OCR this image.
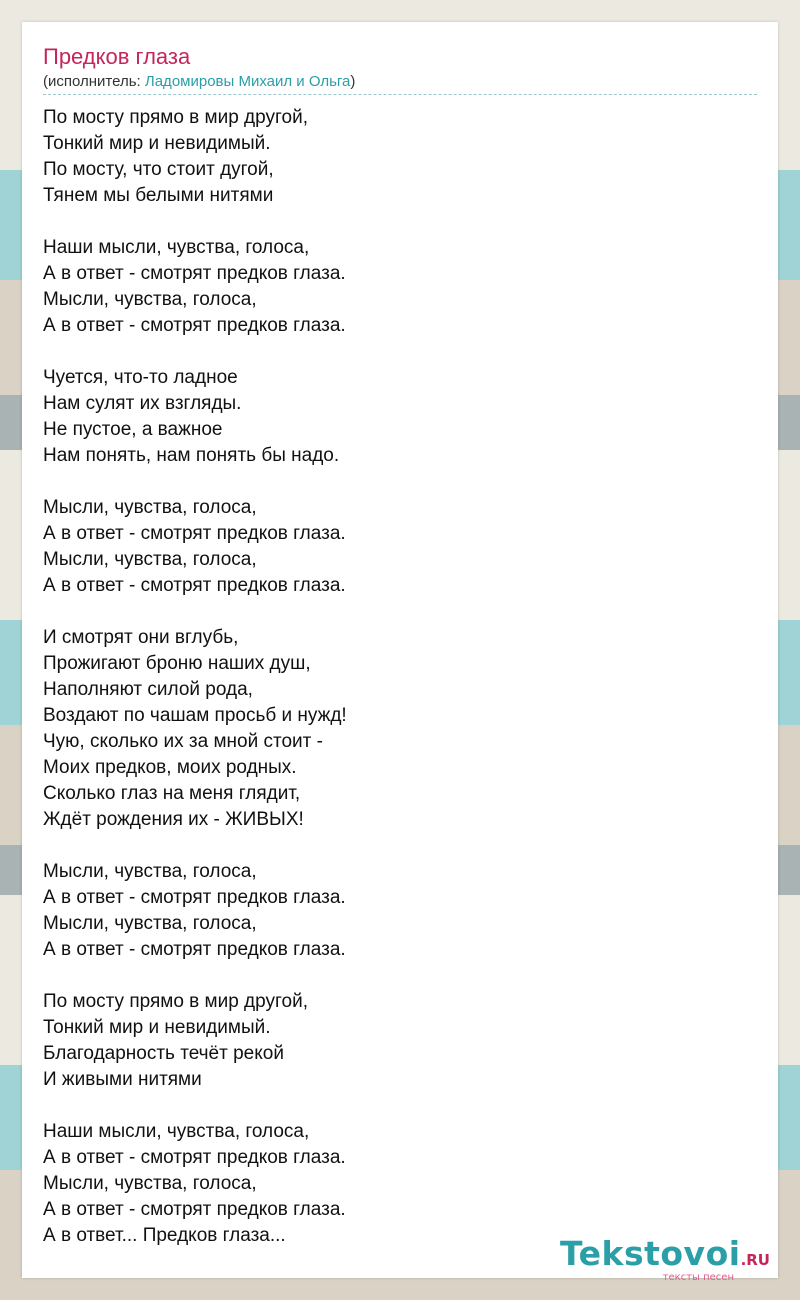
Предков глаза
(исполнитель: Ладомировы Михаил и Ольга)
По мосту прямо в мир другой,
Тонкий мир и невидимый.
По мосту, что стоит дугой,
Тянем мы белыми нитями
Наши мысли, чувства, голоса,
А в ответ - смотрят предков глаза.
Мысли, чувства, голоса,
А в ответ - смотрят предков глаза.
Чуется, что-то ладное
Нам сулят их взгляды.
Не пустое, а важное
Нам понять, нам понять бы надо.
Мысли, чувства, голоса,
А в ответ - смотрят предков глаза.
Мысли, чувства, голоса,
А в ответ - смотрят предков глаза.
И смотрят они вглубь,
Прожигают броню наших душ,
Наполняют силой рода,
Воздают по чашам просьб и нужд!
Чую, сколько их за мной стоит -
Моих предков, моих родных.
Сколько глаз на меня глядит,
Ждёт рождения их - ЖИВЫХ!
Мысли, чувства, голоса,
А в ответ - смотрят предков глаза.
Мысли, чувства, голоса,
А в ответ - смотрят предков глаза.
По мосту прямо в мир другой,
Тонкий мир и невидимый.
Благодарность течёт рекой
И живыми нитями
Наши мысли, чувства, голоса,
А в ответ - смотрят предков глаза.
Мысли, чувства, голоса,
А в ответ - смотрят предков глаза.
А в ответ... Предков глаза...	Tekstovoi.RU
тексты песен
